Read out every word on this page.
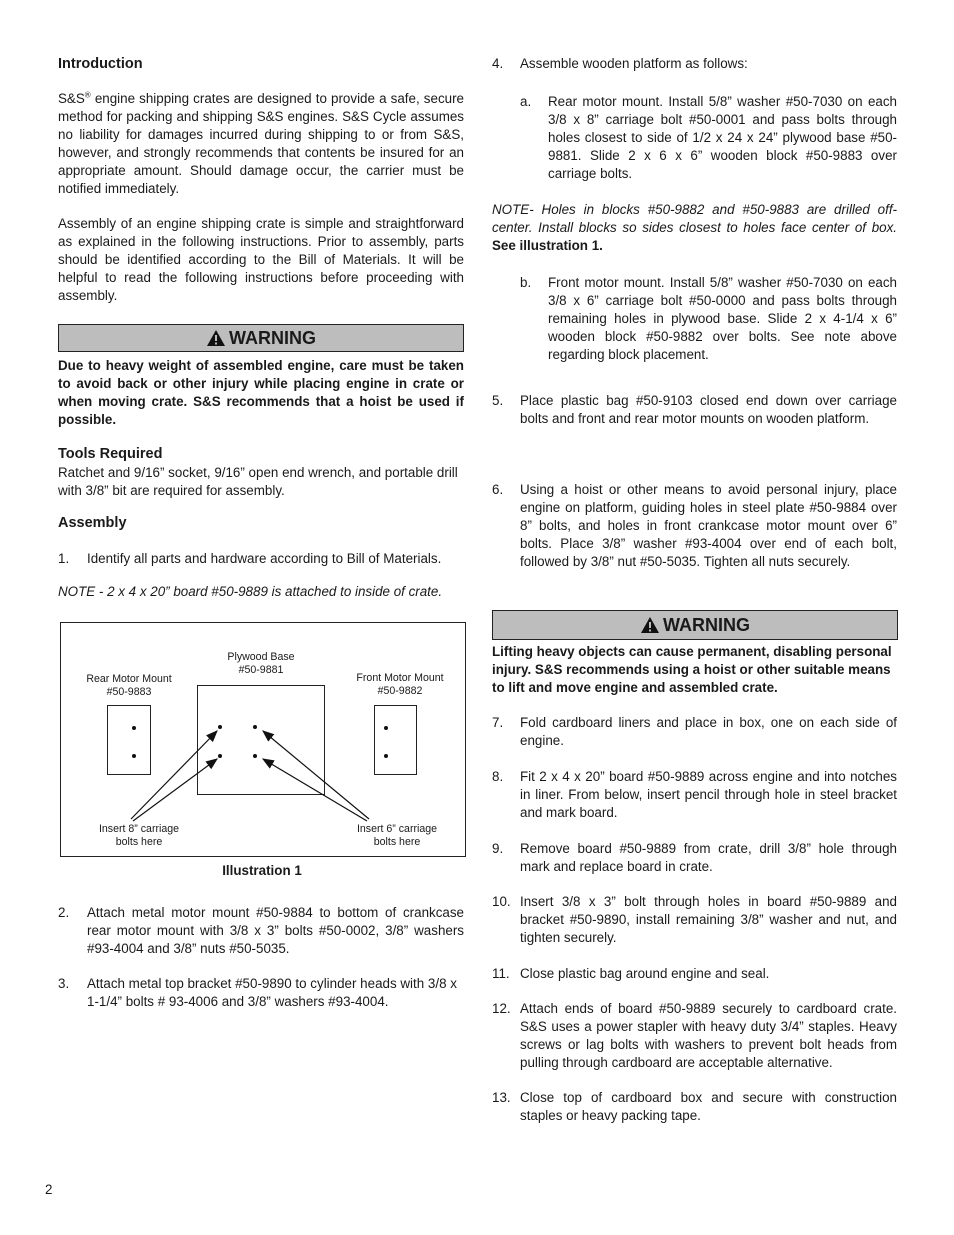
Introduction

S&S® engine shipping crates are designed to provide a safe, secure method for packing and shipping S&S engines. S&S Cycle assumes no liability for damages incurred during shipping to or from S&S, however, and strongly recommends that contents be insured for an appropriate amount. Should damage occur, the carrier must be notified immediately.

Assembly of an engine shipping crate is simple and straightforward as explained in the following instructions. Prior to assembly, parts should be identified according to the Bill of Materials. It will be helpful to read the following instructions before proceeding with assembly.

WARNING

Due to heavy weight of assembled engine, care must be taken to avoid back or other injury while placing engine in crate or when moving crate. S&S recommends that a hoist be used if possible.

Tools Required

Ratchet and 9/16” socket, 9/16” open end wrench, and portable drill with 3/8” bit are required for assembly.

Assembly
1. Identify all parts and hardware according to Bill of Materials.

NOTE - 2 x 4 x 20” board #50-9889 is attached to inside of crate.

Plywood Base
#50-9881
Rear Motor Mount
#50-9883
Front Motor Mount
#50-9882
Insert 8” carriage
bolts here
Insert 6” carriage
bolts here
Illustration 1
2. Attach metal motor mount #50-9884 to bottom of crankcase rear motor mount with 3/8 x 3” bolts #50-0002, 3/8” washers #93-4004 and 3/8” nuts #50-5035.

3. Attach metal top bracket #50-9890 to cylinder heads with 3/8 x 1-1/4” bolts # 93-4006 and 3/8” washers #93-4004.

2
4. Assemble wooden platform as follows:

a. Rear motor mount. Install 5/8” washer #50-7030 on each 3/8 x 8” carriage bolt #50-0001 and pass bolts through holes closest to side of 1/2 x 24 x 24” plywood base #50-9881. Slide 2 x 6 x 6” wooden block #50-9883 over carriage bolts.

NOTE- Holes in blocks #50-9882 and #50-9883 are drilled off-center. Install blocks so sides closest to holes face center of box. See illustration 1.

b. Front motor mount. Install 5/8” washer #50-7030 on each 3/8 x 6” carriage bolt #50-0000 and pass bolts through remaining holes in plywood base. Slide 2 x 4-1/4 x 6” wooden block #50-9882 over bolts. See note above regarding block placement.

5. Place plastic bag #50-9103 closed end down over carriage bolts and front and rear motor mounts on wooden platform.

6. Using a hoist or other means to avoid personal injury, place engine on platform, guiding holes in steel plate #50-9884 over 8” bolts, and holes in front crankcase motor mount over 6” bolts. Place 3/8” washer #93-4004 over end of each bolt, followed by 3/8” nut #50-5035. Tighten all nuts securely.

WARNING

Lifting heavy objects can cause permanent, disabling personal injury. S&S recommends using a hoist or other suitable means to lift and move engine and assembled crate.

7. Fold cardboard liners and place in box, one on each side of engine.

8. Fit 2 x 4 x 20” board #50-9889 across engine and into notches in liner. From below, insert pencil through hole in steel bracket and mark board.

9. Remove board #50-9889 from crate, drill 3/8” hole through mark and replace board in crate.

10. Insert 3/8 x 3” bolt through holes in board #50-9889 and bracket #50-9890, install remaining 3/8” washer and nut, and tighten securely.

11. Close plastic bag around engine and seal.

12. Attach ends of board #50-9889 securely to cardboard crate. S&S uses a power stapler with heavy duty 3/4” staples. Heavy screws or lag bolts with washers to prevent bolt heads from pulling through cardboard are acceptable alternative.

13. Close top of cardboard box and secure with construction staples or heavy packing tape.
